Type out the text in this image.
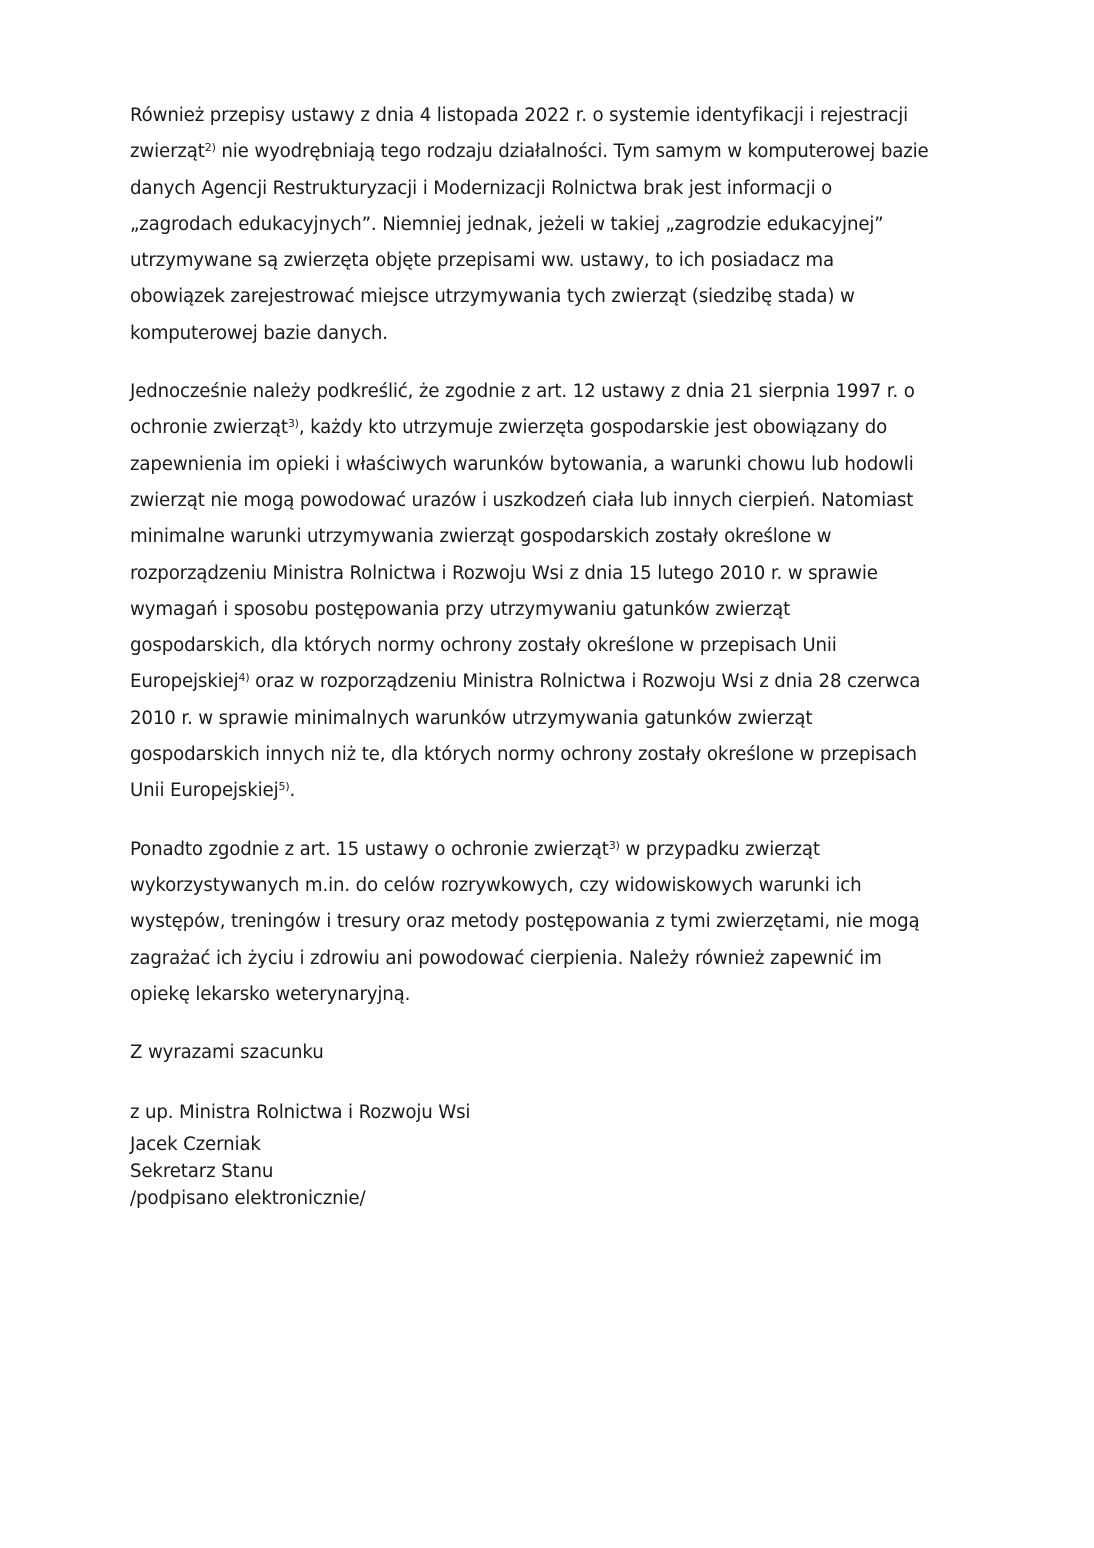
Również przepisy ustawy z dnia 4 listopada 2022 r. o systemie identyfikacji i rejestracji zwierząt$^{2)}$ nie wyodrębniają tego rodzaju działalności. Tym samym w komputerowej bazie danych Agencji Restrukturyzacji i Modernizacji Rolnictwa brak jest informacji o „zagrodach edukacyjnych”. Niemniej jednak, jeżeli w takiej „zagrodzie edukacyjnej” utrzymywane są zwierzęta objęte przepisami ww. ustawy, to ich posiadacz ma obowiązek zarejestrować miejsce utrzymywania tych zwierząt (siedzibę stada) w komputerowej bazie danych.

Jednocześnie należy podkreślić, że zgodnie z art. 12 ustawy z dnia 21 sierpnia 1997 r. o ochronie zwierząt$^{3)}$, każdy kto utrzymuje zwierzęta gospodarskie jest obowiązany do zapewnienia im opieki i właściwych warunków bytowania, a warunki chowu lub hodowli zwierząt nie mogą powodować urazów i uszkodzeń ciała lub innych cierpień. Natomiast minimalne warunki utrzymywania zwierząt gospodarskich zostały określone w rozporządzeniu Ministra Rolnictwa i Rozwoju Wsi z dnia 15 lutego 2010 r. w sprawie wymagań i sposobu postępowania przy utrzymywaniu gatunków zwierząt gospodarskich, dla których normy ochrony zostały określone w przepisach Unii Europejskiej$^{4)}$ oraz w rozporządzeniu Ministra Rolnictwa i Rozwoju Wsi z dnia 28 czerwca 2010 r. w sprawie minimalnych warunków utrzymywania gatunków zwierząt gospodarskich innych niż te, dla których normy ochrony zostały określone w przepisach Unii Europejskiej$^{5)}$.

Ponadto zgodnie z art. 15 ustawy o ochronie zwierząt$^{3)}$ w przypadku zwierząt wykorzystywanych m.in. do celów rozrywkowych, czy widowiskowych warunki ich występów, treningów i tresury oraz metody postępowania z tymi zwierzętami, nie mogą zagrażać ich życiu i zdrowiu ani powodować cierpienia. Należy również zapewnić im opiekę lekarsko weterynaryjną.

Z wyrazami szacunku

z up. Ministra Rolnictwa i Rozwoju Wsi

Jacek Czerniak

Sekretarz Stanu

/podpisano elektronicznie/
